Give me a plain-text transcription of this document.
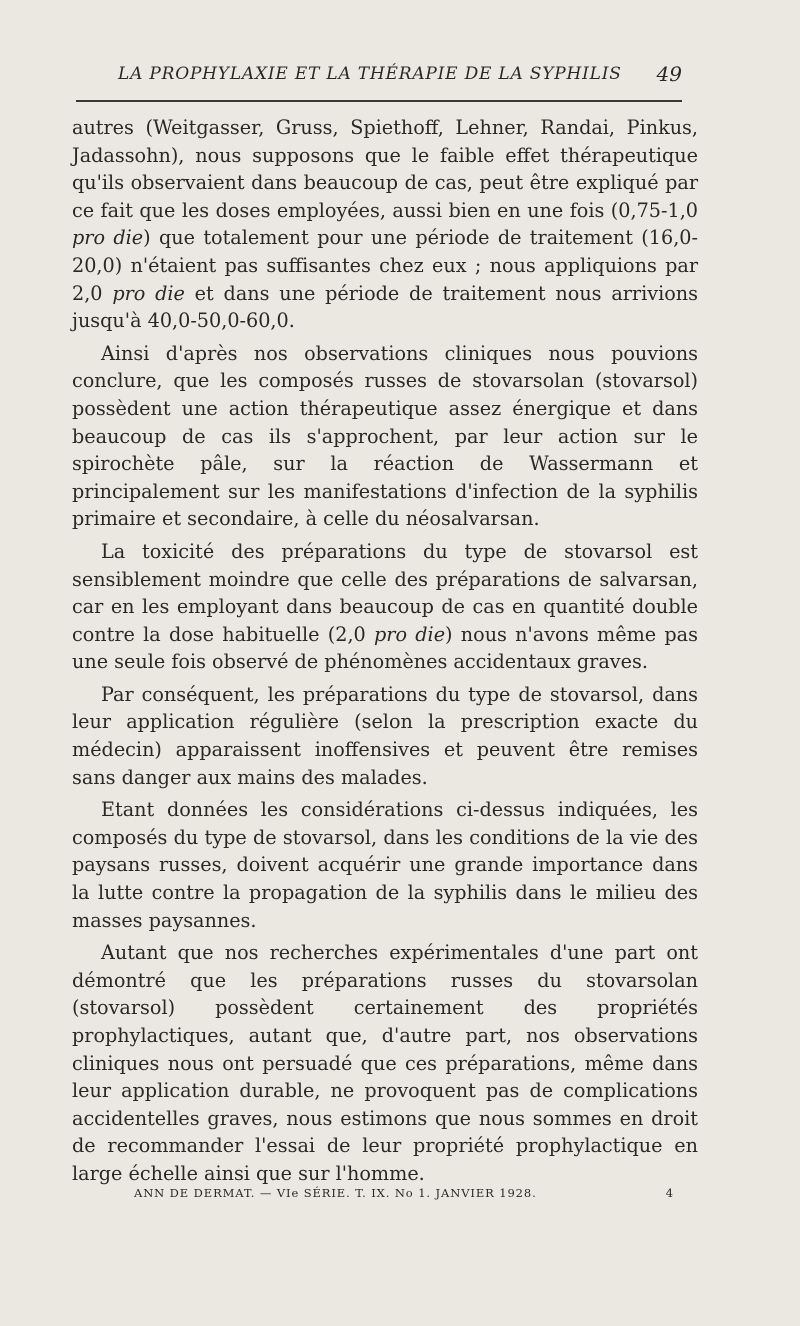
LA PROPHYLAXIE ET LA THÉRAPIE DE LA SYPHILIS 49

autres (Weitgasser, Gruss, Spiethoff, Lehner, Randai, Pinkus, Jadassohn), nous supposons que le faible effet thérapeutique qu'ils observaient dans beaucoup de cas, peut être expliqué par ce fait que les doses employées, aussi bien en une fois (0,75-1,0 pro die) que totalement pour une période de traitement (16,0-20,0) n'étaient pas suffisantes chez eux ; nous appliquions par 2,0 pro die et dans une période de traitement nous arrivions jusqu'à 40,0-50,0-60,0.

Ainsi d'après nos observations cliniques nous pouvions conclure, que les composés russes de stovarsolan (stovarsol) possèdent une action thérapeutique assez énergique et dans beaucoup de cas ils s'approchent, par leur action sur le spirochète pâle, sur la réaction de Wassermann et principalement sur les manifestations d'infection de la syphilis primaire et secondaire, à celle du néosalvarsan.

La toxicité des préparations du type de stovarsol est sensiblement moindre que celle des préparations de salvarsan, car en les employant dans beaucoup de cas en quantité double contre la dose habituelle (2,0 pro die) nous n'avons même pas une seule fois observé de phénomènes accidentaux graves.

Par conséquent, les préparations du type de stovarsol, dans leur application régulière (selon la prescription exacte du médecin) apparaissent inoffensives et peuvent être remises sans danger aux mains des malades.

Etant données les considérations ci-dessus indiquées, les composés du type de stovarsol, dans les conditions de la vie des paysans russes, doivent acquérir une grande importance dans la lutte contre la propagation de la syphilis dans le milieu des masses paysannes.

Autant que nos recherches expérimentales d'une part ont démontré que les préparations russes du stovarsolan (stovarsol) possèdent certainement des propriétés prophylactiques, autant que, d'autre part, nos observations cliniques nous ont persuadé que ces préparations, même dans leur application durable, ne provoquent pas de complications accidentelles graves, nous estimons que nous sommes en droit de recommander l'essai de leur propriété prophylactique en large échelle ainsi que sur l'homme.

ANN DE DERMAT. — VIe SÉRIE. T. IX. No 1. JANVIER 1928.	4
